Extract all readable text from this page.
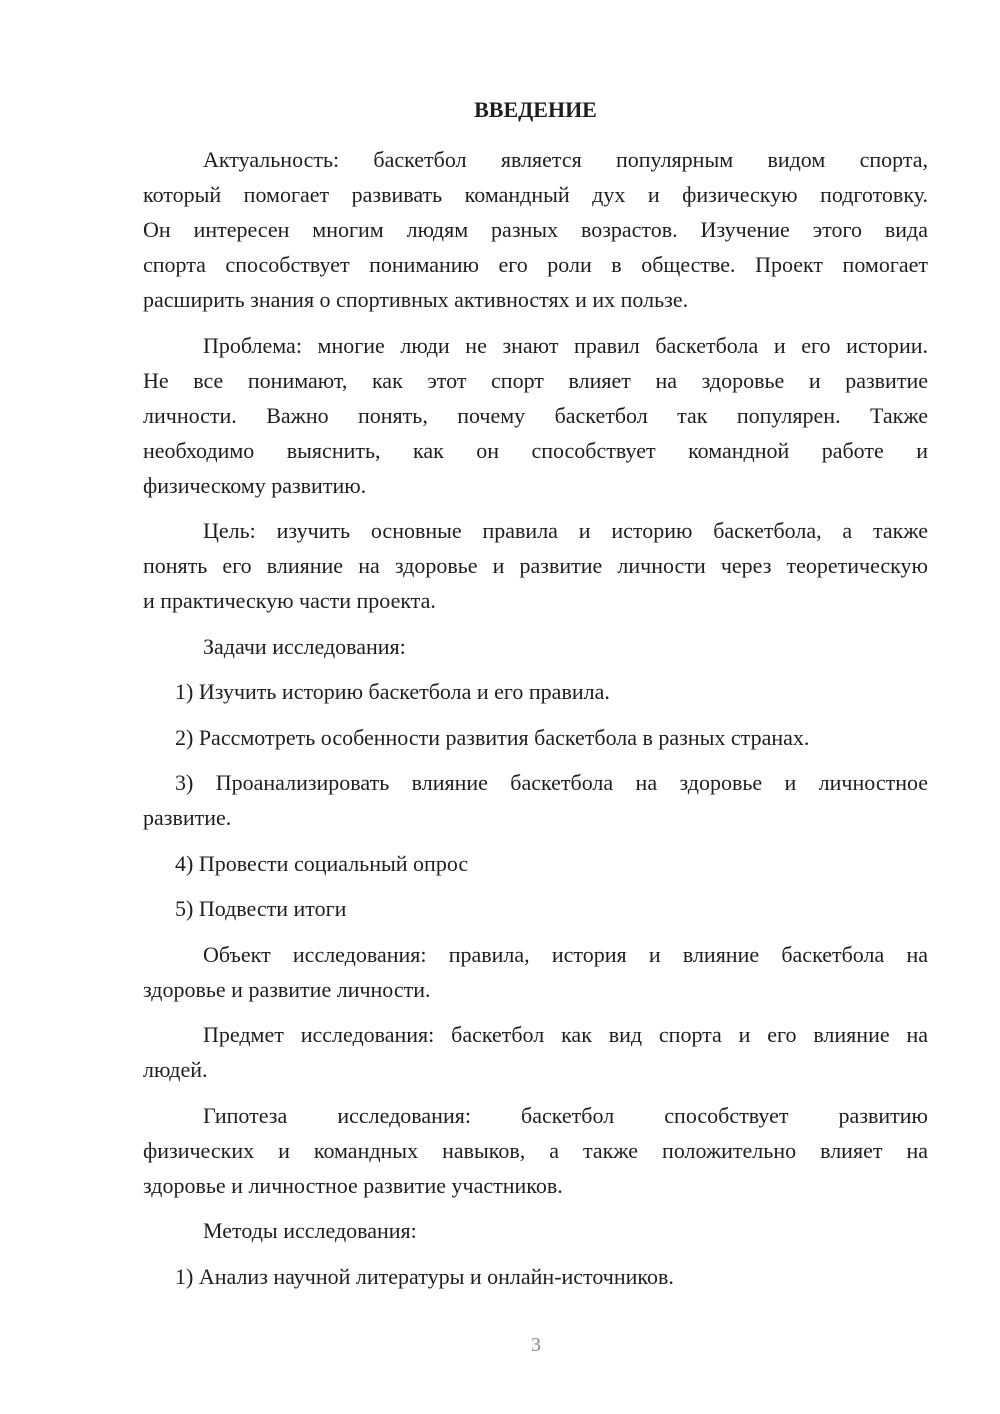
ВВЕДЕНИЕ
Актуальность: баскетбол является популярным видом спорта,
который помогает развивать командный дух и физическую подготовку.
Он интересен многим людям разных возрастов. Изучение этого вида
спорта способствует пониманию его роли в обществе. Проект помогает
расширить знания о спортивных активностях и их пользе.
Проблема: многие люди не знают правил баскетбола и его истории.
Не все понимают, как этот спорт влияет на здоровье и развитие
личности. Важно понять, почему баскетбол так популярен. Также
необходимо выяснить, как он способствует командной работе и
физическому развитию.
Цель: изучить основные правила и историю баскетбола, а также
понять его влияние на здоровье и развитие личности через теоретическую
и практическую части проекта.
Задачи исследования:
1) Изучить историю баскетбола и его правила.
2) Рассмотреть особенности развития баскетбола в разных странах.
3) Проанализировать влияние баскетбола на здоровье и личностное
развитие.
4) Провести социальный опрос
5) Подвести итоги
Объект исследования: правила, история и влияние баскетбола на
здоровье и развитие личности.
Предмет исследования: баскетбол как вид спорта и его влияние на
людей.
Гипотеза исследования: баскетбол способствует развитию
физических и командных навыков, а также положительно влияет на
здоровье и личностное развитие участников.
Методы исследования:
1) Анализ научной литературы и онлайн-источников.
3
